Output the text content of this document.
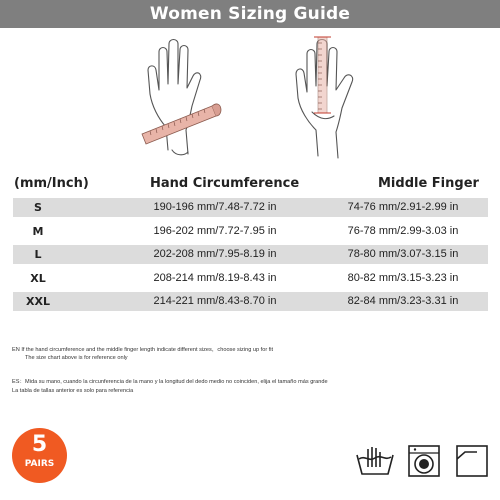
Women Sizing Guide
(mm/Inch)	Hand Circumference	Middle Finger
S	190-196 mm/7.48-7.72 in	74-76 mm/2.91-2.99 in
M	196-202 mm/7.72-7.95 in	76-78 mm/2.99-3.03 in
L	202-208 mm/7.95-8.19 in	78-80 mm/3.07-3.15 in
XL	208-214 mm/8.19-8.43 in	80-82 mm/3.15-3.23 in
XXL	214-221 mm/8.43-8.70 in	82-84 mm/3.23-3.31 in
EN If the hand circumference and the middle finger length indicate different sizes，choose sizing up for fit
The size chart above is for reference only
ES：Mida su mano, cuando la circunferencia de la mano y la longitud del dedo medio no coinciden, elija el tamaño más grande
La tabla de tallas anterior es solo para referencia
5
PAIRS
